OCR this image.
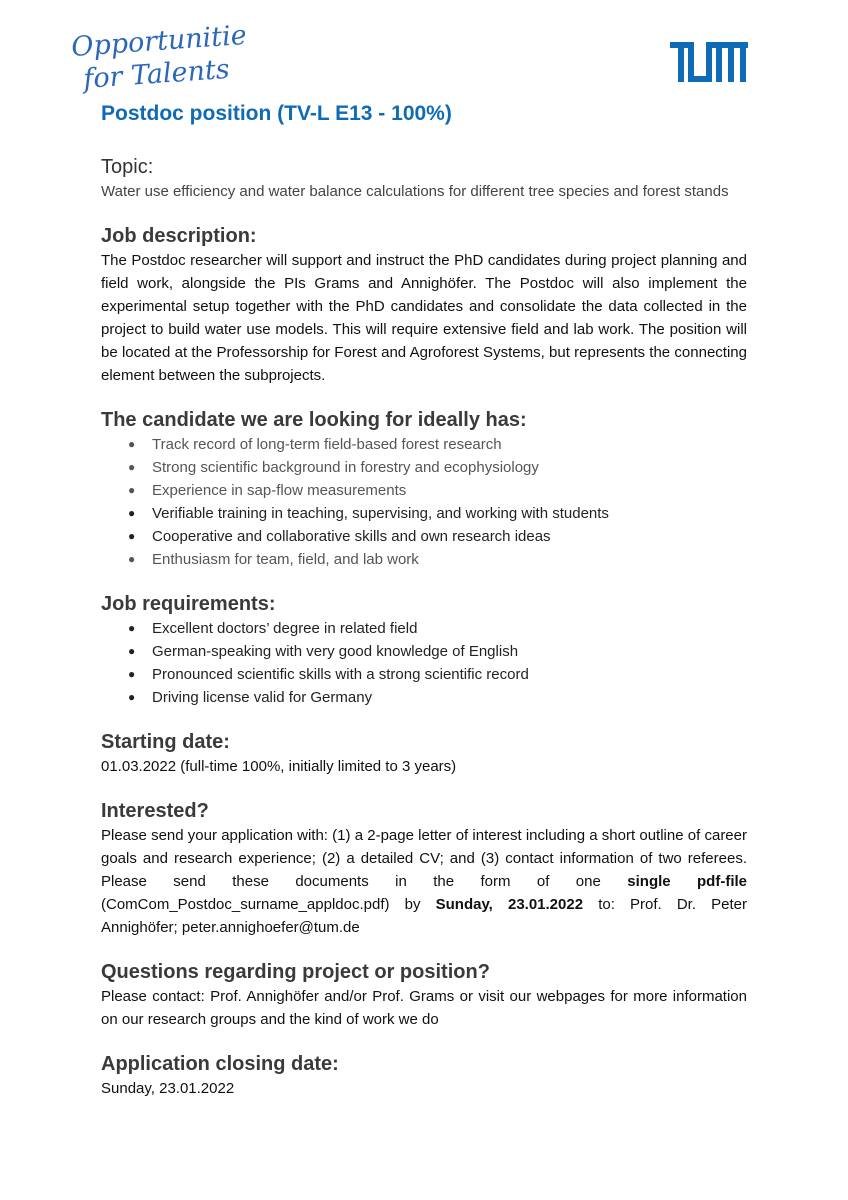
Opportunities
for Talents
Postdoc position (TV-L E13 - 100%)
Topic:

Water use efficiency and water balance calculations for different tree species and forest stands

Job description:

The Postdoc researcher will support and instruct the PhD candidates during project planning and field work, alongside the PIs Grams and Annighöfer. The Postdoc will also implement the experimental setup together with the PhD candidates and consolidate the data collected in the project to build water use models. This will require extensive field and lab work. The position will be located at the Professorship for Forest and Agroforest Systems, but represents the connecting element between the subprojects.

The candidate we are looking for ideally has:
● Track record of long-term field-based forest research
● Strong scientific background in forestry and ecophysiology
● Experience in sap-flow measurements
● Verifiable training in teaching, supervising, and working with students
● Cooperative and collaborative skills and own research ideas
● Enthusiasm for team, field, and lab work
Job requirements:
● Excellent doctors’ degree in related field
● German-speaking with very good knowledge of English
● Pronounced scientific skills with a strong scientific record
● Driving license valid for Germany
Starting date:

01.03.2022 (full-time 100%, initially limited to 3 years)

Interested?

Please send your application with: (1) a 2-page letter of interest including a short outline of career goals and research experience; (2) a detailed CV; and (3) contact information of two referees. Please send these documents in the form of one single pdf-file (ComCom_Postdoc_surname_appldoc.pdf) by Sunday, 23.01.2022 to: Prof. Dr. Peter Annighöfer; peter.annighoefer@tum.de

Questions regarding project or position?

Please contact: Prof. Annighöfer and/or Prof. Grams or visit our webpages for more information on our research groups and the kind of work we do

Application closing date:

Sunday, 23.01.2022
